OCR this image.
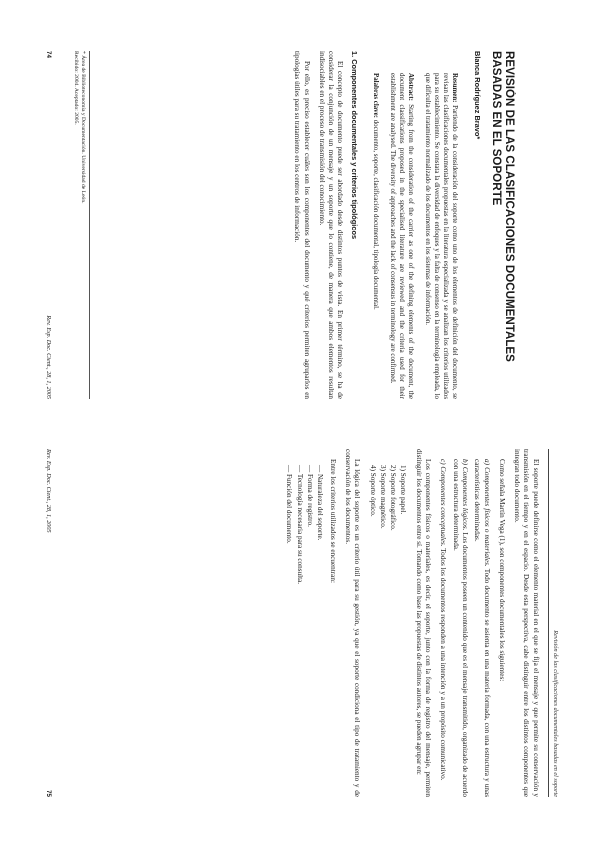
REVISIÓN DE LAS CLASIFICACIONES DOCUMENTALES BASADAS EN EL SOPORTE
Blanca Rodríguez Bravo*
Resumen: Partiendo de la consideración del soporte como uno de los elementos de definición del documento, se revisan las clasificaciones documentales propuestas en la literatura especializada y se analizan los criterios utilizados para su establecimiento. Se constata la diversidad de enfoques y la falta de consenso en la terminología empleada, lo que dificulta el tratamiento normalizado de los documentos en los sistemas de información.
Abstract: Starting from the consideration of the carrier as one of the defining elements of the document, the document classifications proposed in the specialised literature are reviewed and the criteria used for their establishment are analysed. The diversity of approaches and the lack of consensus in terminology are confirmed.
Palabras clave: documento, soporte, clasificación documental, tipología documental.
1. Componentes documentales y criterios tipológicos

El concepto de documento puede ser abordado desde distintos puntos de vista. En primer término, se ha de considerar la conjunción de un mensaje y un soporte que lo contiene, de manera que ambos elementos resultan indisociables en el proceso de transmisión del conocimiento.

Por ello, es preciso establecer cuáles son los componentes del documento y qué criterios permiten agruparlos en tipologías útiles para su tratamiento en los centros de información.

* Área de Biblioteconomía y Documentación. Universidad de León.
Recibido: 2004. Aceptado: 2005.
74
Rev. Esp. Doc. Cient., 28, 1, 2005
Revisión de las clasificaciones documentales basadas en el soporte

El soporte puede definirse como el elemento material en el que se fija el mensaje y que permite su conservación y transmisión en el tiempo y en el espacio. Desde esta perspectiva, cabe distinguir entre los distintos componentes que integran todo documento.

Como señala Martín Vega (1), son componentes documentales los siguientes:

a) Componentes físicos o materiales. Todo documento se asienta en una materia formada, con una estructura y unas características determinadas.
b) Componentes lógicos. Los documentos poseen un contenido que es el mensaje transmitido, organizado de acuerdo con una estructura determinada.
c) Componentes conceptuales. Todos los documentos responden a una intención y a un propósito comunicativo.

Los componentes físicos o materiales, es decir, el soporte, junto con la forma de registro del mensaje, permiten distinguir los documentos entre sí. Tomando como base las propuestas de distintos autores, se pueden agrupar en:

1) Soporte papel.
2) Soporte fotográfico.
3) Soporte magnético.
4) Soporte óptico.

La lógica del soporte es un criterio útil para su gestión, ya que el soporte condiciona el tipo de tratamiento y de conservación de los documentos.

Entre los criterios utilizados se encuentran:
— Naturaleza del soporte.
— Forma de registro.
— Tecnología necesaria para su consulta.
— Función del documento.
Rev. Esp. Doc. Cient., 28, 1, 2005
75
